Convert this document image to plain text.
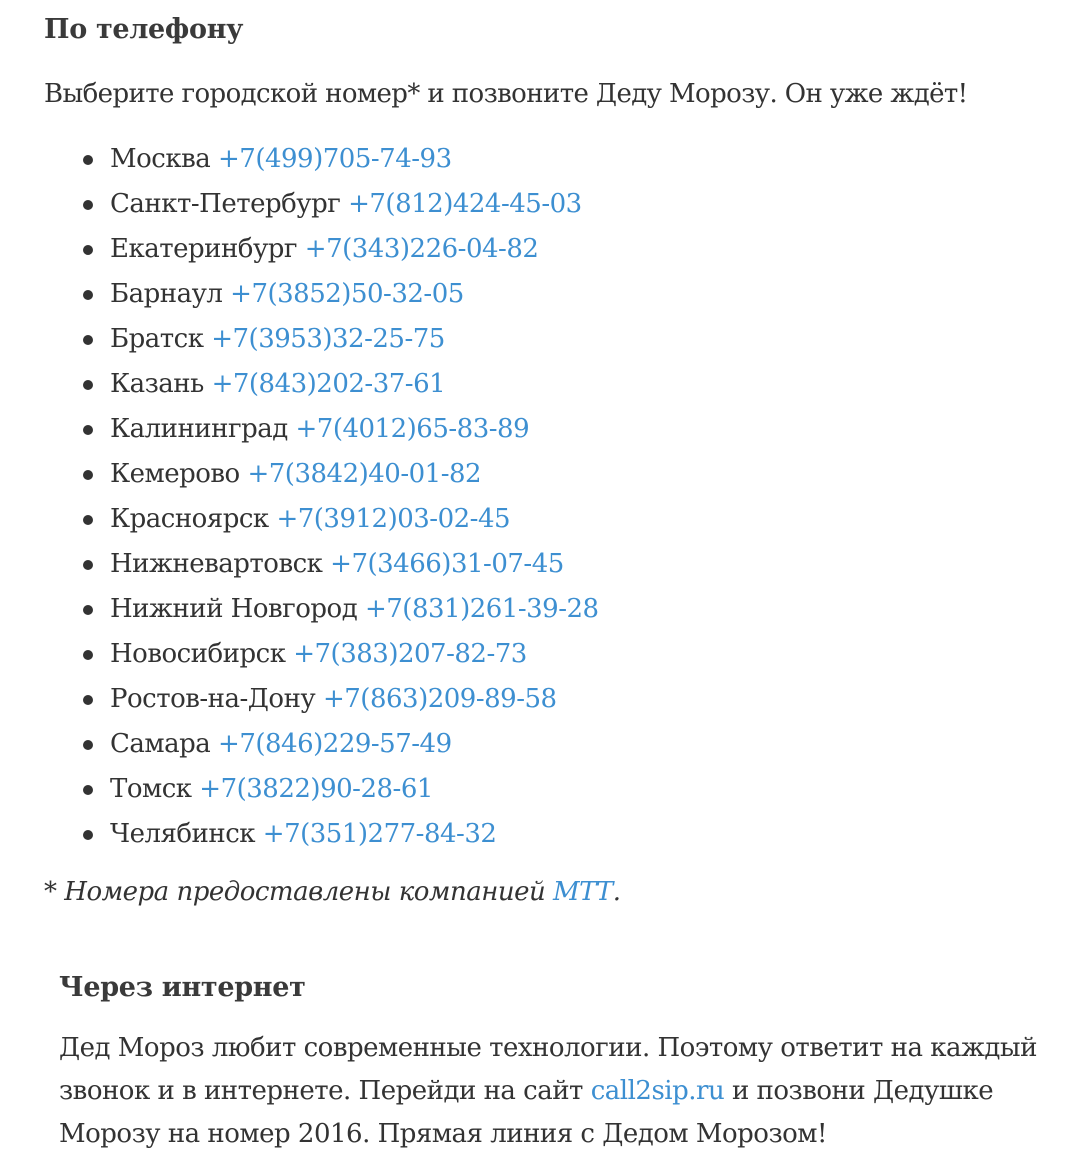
По телефону

Выберите городской номер* и позвоните Деду Морозу. Он уже ждёт!

Москва +7(499)705-74-93
Санкт-Петербург +7(812)424-45-03
Екатеринбург +7(343)226-04-82
Барнаул +7(3852)50-32-05
Братск +7(3953)32-25-75
Казань +7(843)202-37-61
Калининград +7(4012)65-83-89
Кемерово +7(3842)40-01-82
Красноярск +7(3912)03-02-45
Нижневартовск +7(3466)31-07-45
Нижний Новгород +7(831)261-39-28
Новосибирск +7(383)207-82-73
Ростов-на-Дону +7(863)209-89-58
Самара +7(846)229-57-49
Томск +7(3822)90-28-61
Челябинск +7(351)277-84-32

* Номера предоставлены компанией МТТ.

Через интернет

Дед Мороз любит современные технологии. Поэтому ответит на каждый звонок и в интернете. Перейди на сайт call2sip.ru и позвони Дедушке Морозу на номер 2016. Прямая линия с Дедом Морозом!
